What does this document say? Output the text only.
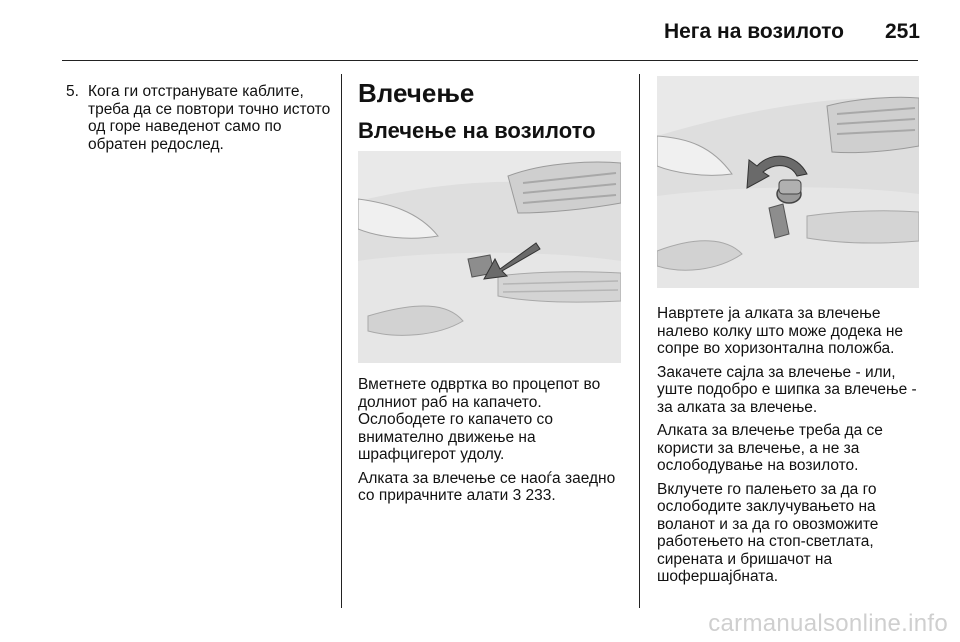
Нега на возилото 251
5. Кога ги отстранувате каблите, треба да се повтори точно истото од горе наведенот само по обратен редослед.
Влечење
Влечење на возилото

Вметнете одвртка во процепот во долниот раб на капачето. Ослободете го капачето со внимателно движење на шрафцигерот удолу.

Алката за влечење се наоѓа заедно со прирачните алати 3 233.

Навртете ја алката за влечење налево колку што може додека не сопре во хоризонтална положба.

Закачете сајла за влечење - или, уште подобро е шипка за влечење - за алката за влечење.

Алката за влечење треба да се користи за влечење, а не за ослободување на возилото.

Вклучете го палењето за да го ослободите заклучувањето на воланот и за да го овозможите работењето на стоп-светлата, сирената и бришачот на шофершајбната.

carmanualsonline.info
